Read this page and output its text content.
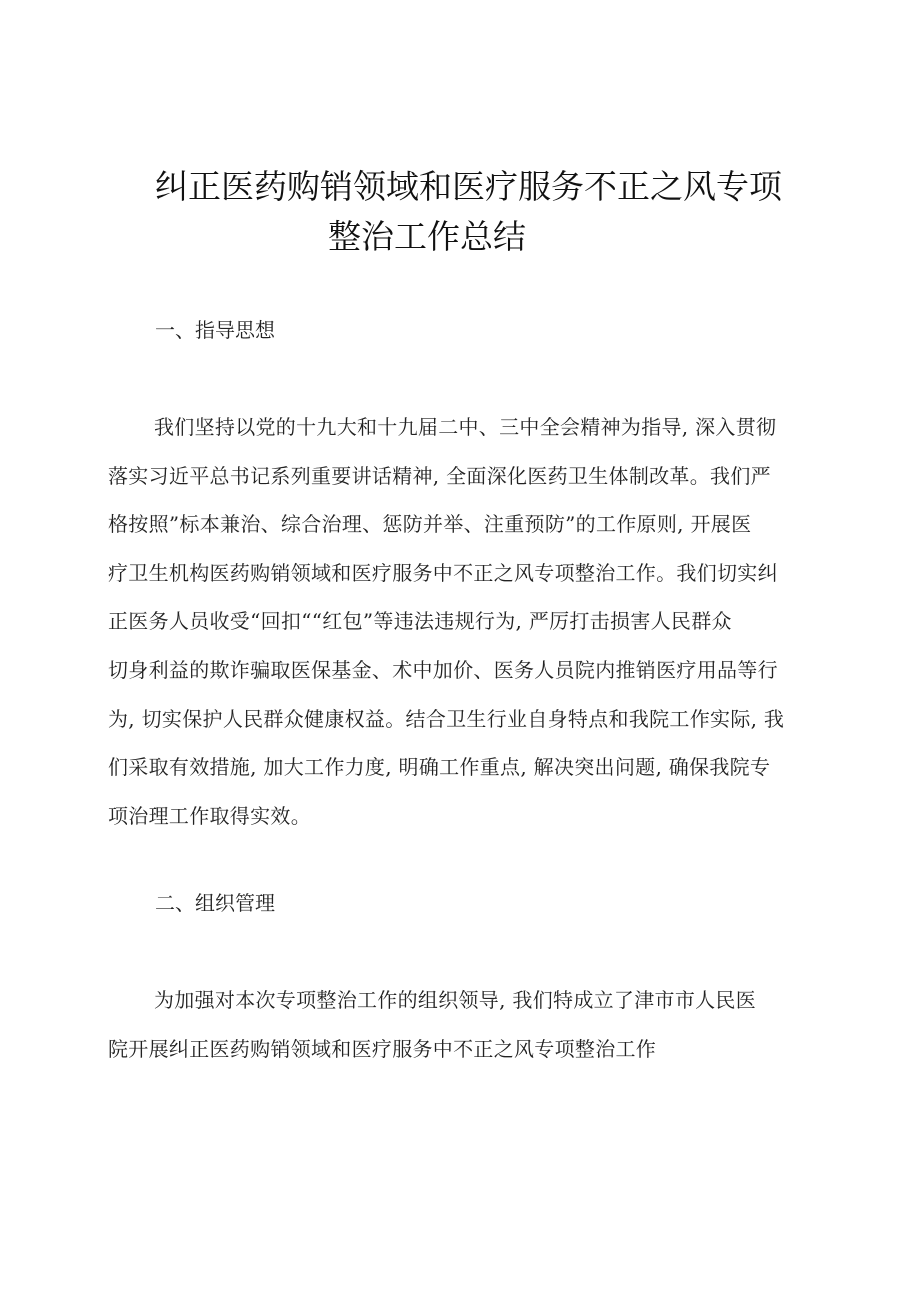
纠正医药购销领域和医疗服务不正之风专项
整治工作总结
一、指导思想
我们坚持以党的十九大和十九届二中、三中全会精神为指导, 深入贯彻
落实习近平总书记系列重要讲话精神, 全面深化医药卫生体制改革。我们严
格按照”标本兼治、综合治理、惩防并举、注重预防”的工作原则, 开展医
疗卫生机构医药购销领域和医疗服务中不正之风专项整治工作。我们切实纠
正医务人员收受“回扣““红包”等违法违规行为, 严厉打击损害人民群众
切身利益的欺诈骗取医保基金、术中加价、医务人员院内推销医疗用品等行
为, 切实保护人民群众健康权益。结合卫生行业自身特点和我院工作实际, 我
们采取有效措施, 加大工作力度, 明确工作重点, 解决突出问题, 确保我院专
项治理工作取得实效。
二、组织管理
为加强对本次专项整治工作的组织领导, 我们特成立了津市市人民医
院开展纠正医药购销领域和医疗服务中不正之风专项整治工作
